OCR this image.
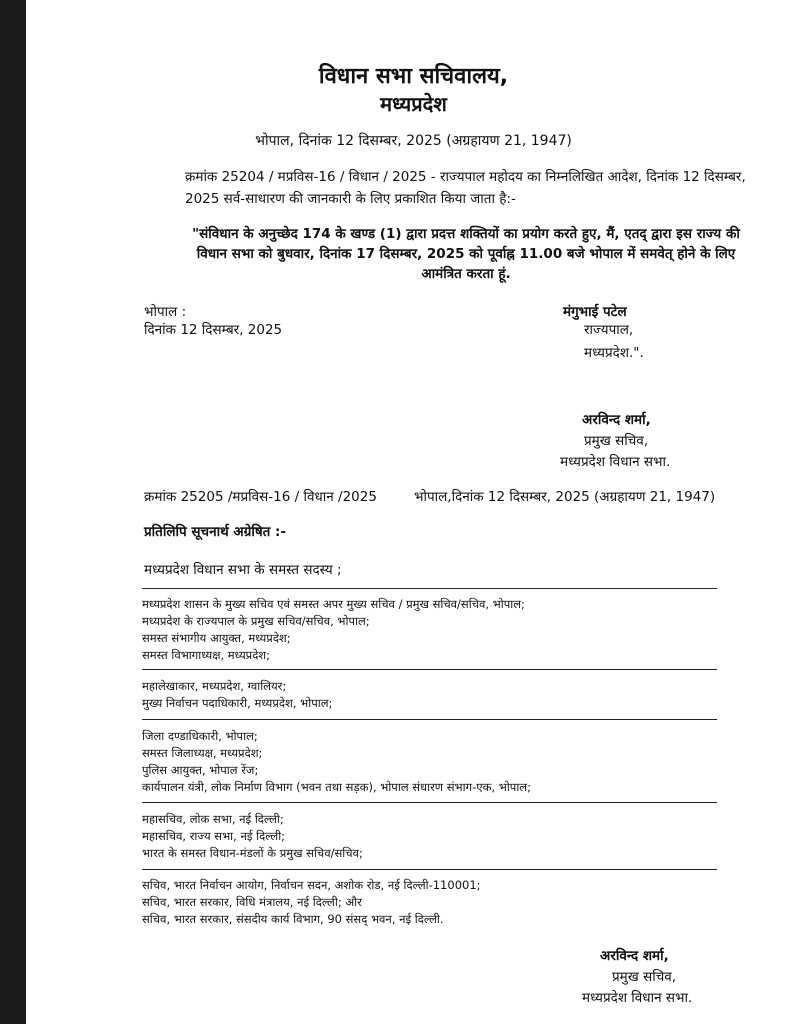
विधान सभा सचिवालय,
मध्यप्रदेश
भोपाल, दिनांक 12 दिसम्बर, 2025 (अग्रहायण 21, 1947)
क्रमांक 25204 / मप्रविस-16 / विधान / 2025 - राज्यपाल महोदय का निम्नलिखित आदेश, दिनांक 12 दिसम्बर, 2025 सर्व-साधारण की जानकारी के लिए प्रकाशित किया जाता है:-
"संविधान के अनुच्छेद 174 के खण्ड (1) द्वारा प्रदत्त शक्तियों का प्रयोग करते हुए, मैं, एतद् द्वारा इस राज्य की विधान सभा को बुधवार, दिनांक 17 दिसम्बर, 2025 को पूर्वाह्न 11.00 बजे भोपाल में समवेत् होने के लिए आमंत्रित करता हूं.
भोपाल :
दिनांक 12 दिसम्बर, 2025
मंगुभाई पटेल
राज्यपाल,
मध्यप्रदेश.".
अरविन्द शर्मा,
प्रमुख सचिव,
मध्यप्रदेश विधान सभा.
क्रमांक 25205 /मप्रविस-16 / विधान /2025	भोपाल,दिनांक 12 दिसम्बर, 2025 (अग्रहायण 21, 1947)
प्रतिलिपि सूचनार्थ अग्रेषित :-
मध्यप्रदेश विधान सभा के समस्त सदस्य ;
मध्यप्रदेश शासन के मुख्य सचिव एवं समस्त अपर मुख्य सचिव / प्रमुख सचिव/सचिव, भोपाल;
मध्यप्रदेश के राज्यपाल के प्रमुख सचिव/सचिव, भोपाल;
समस्त संभागीय आयुक्त, मध्यप्रदेश;
समस्त विभागाध्यक्ष, मध्यप्रदेश;
महालेखाकार, मध्यप्रदेश, ग्वालियर;
मुख्य निर्वाचन पदाधिकारी, मध्यप्रदेश, भोपाल;
जिला दण्डाधिकारी, भोपाल;
समस्त जिलाध्यक्ष, मध्यप्रदेश;
पुलिस आयुक्त, भोपाल रेंज;
कार्यपालन यंत्री, लोक निर्माण विभाग (भवन तथा सड़क), भोपाल संधारण संभाग-एक, भोपाल;
महासचिव, लोक सभा, नई दिल्ली;
महासचिव, राज्य सभा, नई दिल्ली;
भारत के समस्त विधान-मंडलों के प्रमुख सचिव/सचिव;
सचिव, भारत निर्वाचन आयोग, निर्वाचन सदन, अशोक रोड, नई दिल्ली-110001;
सचिव, भारत सरकार, विधि मंत्रालय, नई दिल्ली; और
सचिव, भारत सरकार, संसदीय कार्य विभाग, 90 संसद् भवन, नई दिल्ली.
अरविन्द शर्मा,
प्रमुख सचिव,
मध्यप्रदेश विधान सभा.
